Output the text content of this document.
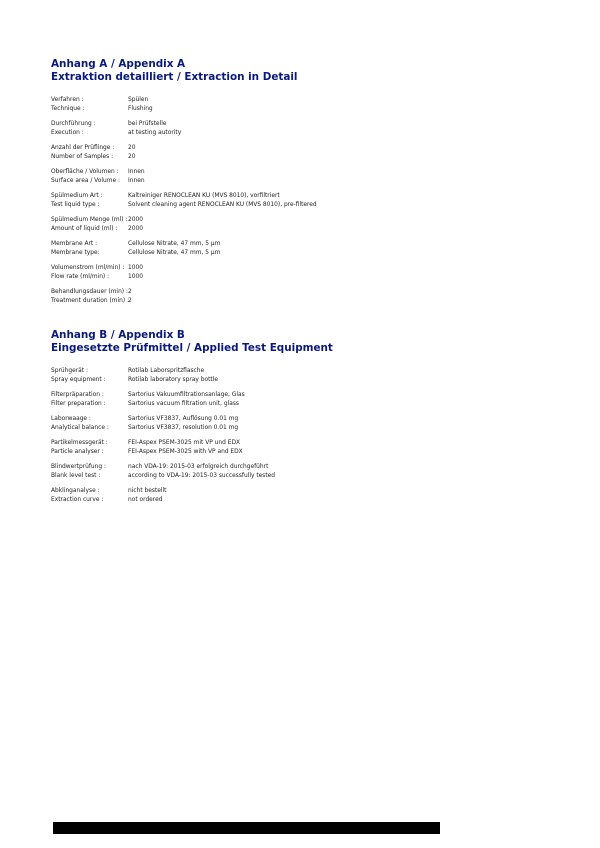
Anhang A / Appendix A
Extraktion detailliert / Extraction in Detail
Verfahren :	Spülen
Technique :	Flushing
Durchführung :	bei Prüfstelle
Execution :	at testing autority
Anzahl der Prüflinge :	20
Number of Samples :	20
Oberfläche / Volumen :	Innen
Surface area / Volume :	Innen
Spülmedium Art :	Kaltreiniger RENOCLEAN KU (MVS 8010), vorfiltriert
Test liquid type :	Solvent cleaning agent RENOCLEAN KU (MVS 8010), pre-filtered
Spülmedium Menge (ml) : 2000
Amount of liquid (ml) :	2000
Membrane Art :	Cellulose Nitrate, 47 mm, 5 µm
Membrane type:	Cellulose Nitrate, 47 mm, 5 µm
Volumenstrom (ml/min) : 1000
Flow rate (ml/min) :	1000
Behandlungsdauer (min) : 2
Treatment duration (min) :
2
Anhang B / Appendix B
Eingesetzte Prüfmittel / Applied Test Equipment
Sprühgerät :	Rotilab Laborspritzflasche
Spray equipment :	Rotilab laboratory spray bottle
Filterpräparation :	Sartorius Vakuumfiltrationsanlage, Glas
Filter preparation :	Sartorius vacuum filtration unit, glass
Laborwaage :	Sartorius VF3837, Auflösung 0.01 mg
Analytical balance :	Sartorius VF3837, resolution 0.01 mg
Partikelmessgerät :	FEI-Aspex PSEM-3025 mit VP und EDX
Particle analyser :	FEI-Aspex PSEM-3025 with VP and EDX
Blindwertprüfung :	nach VDA-19: 2015-03 erfolgreich durchgeführt
Blank level test :	according to VDA-19: 2015-03 successfully tested
Abklinganalyse :	nicht bestellt
Extraction curve :	not ordered
